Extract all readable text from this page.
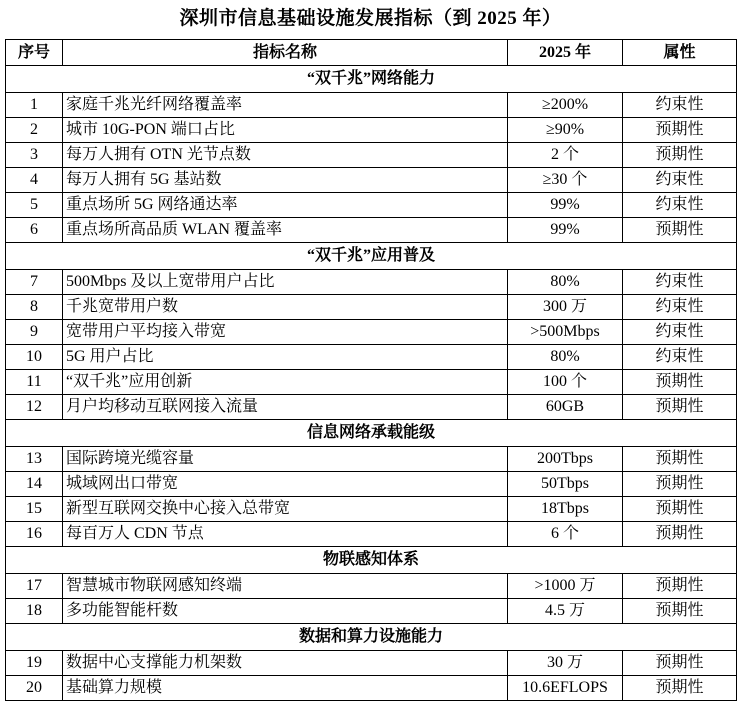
深圳市信息基础设施发展指标（到 2025 年）
序号	指标名称	2025 年	属性
“双千兆”网络能力			
1	家庭千兆光纤网络覆盖率	≥200%	约束性
2	城市 10G-PON 端口占比	≥90%	预期性
3	每万人拥有 OTN 光节点数	2 个	预期性
4	每万人拥有 5G 基站数	≥30 个	约束性
5	重点场所 5G 网络通达率	99%	约束性
6	重点场所高品质 WLAN 覆盖率	99%	预期性
“双千兆”应用普及			
7	500Mbps 及以上宽带用户占比	80%	约束性
8	千兆宽带用户数	300 万	约束性
9	宽带用户平均接入带宽	>500Mbps	约束性
10	5G 用户占比	80%	约束性
11	“双千兆”应用创新	100 个	预期性
12	月户均移动互联网接入流量	60GB	预期性
信息网络承载能级			
13	国际跨境光缆容量	200Tbps	预期性
14	城域网出口带宽	50Tbps	预期性
15	新型互联网交换中心接入总带宽	18Tbps	预期性
16	每百万人 CDN 节点	6 个	预期性
物联感知体系			
17	智慧城市物联网感知终端	>1000 万	预期性
18	多功能智能杆数	4.5 万	预期性
数据和算力设施能力			
19	数据中心支撑能力机架数	30 万	预期性
20	基础算力规模	10.6EFLOPS	预期性
